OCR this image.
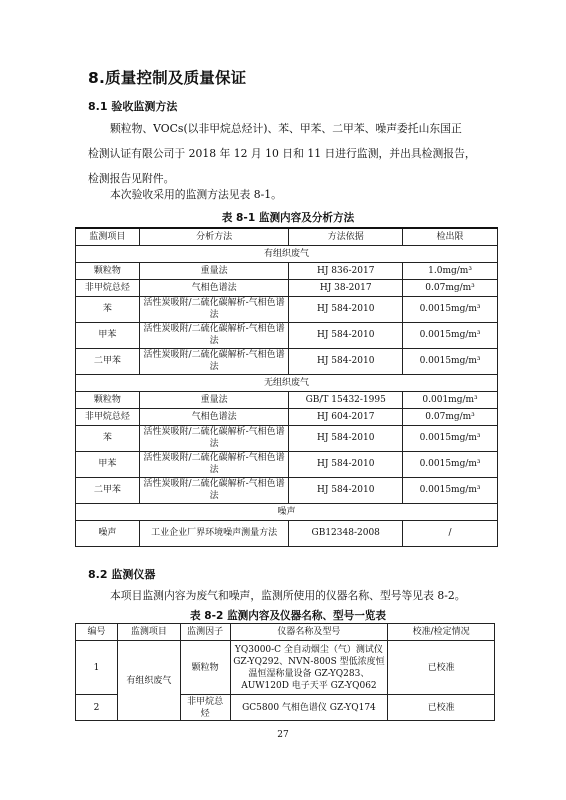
8.质量控制及质量保证
8.1 验收监测方法

颗粒物、VOCs(以非甲烷总烃计)、苯、甲苯、二甲苯、噪声委托山东国正
检测认证有限公司于 2018 年 12 月 10 日和 11 日进行监测，并出具检测报告，
检测报告见附件。

本次验收采用的监测方法见表 8-1。

表 8-1 监测内容及分析方法
监测项目	分析方法	方法依据	检出限
有组织废气			
颗粒物	重量法	HJ 836-2017	1.0mg/m³
非甲烷总烃	气相色谱法	HJ 38-2017	0.07mg/m³
苯	活性炭吸附/二硫化碳解析-气相色谱法	HJ 584-2010	0.0015mg/m³
甲苯	活性炭吸附/二硫化碳解析-气相色谱法	HJ 584-2010	0.0015mg/m³
二甲苯	活性炭吸附/二硫化碳解析-气相色谱法	HJ 584-2010	0.0015mg/m³
无组织废气			
颗粒物	重量法	GB/T 15432-1995	0.001mg/m³
非甲烷总烃	气相色谱法	HJ 604-2017	0.07mg/m³
苯	活性炭吸附/二硫化碳解析-气相色谱法	HJ 584-2010	0.0015mg/m³
甲苯	活性炭吸附/二硫化碳解析-气相色谱法	HJ 584-2010	0.0015mg/m³
二甲苯	活性炭吸附/二硫化碳解析-气相色谱法	HJ 584-2010	0.0015mg/m³
噪声			
噪声	工业企业厂界环境噪声测量方法	GB12348-2008	/
8.2 监测仪器

本项目监测内容为废气和噪声，监测所使用的仪器名称、型号等见表 8-2。

表 8-2 监测内容及仪器名称、型号一览表
编号	监测项目	监测因子	仪器名称及型号	校准/检定情况
1	有组织废气	颗粒物	YQ3000-C 全自动烟尘（气）测试仪 GZ-YQ292、NVN-800S 型低浓度恒温恒湿称量设备 GZ-YQ283、AUW120D 电子天平 GZ-YQ062	已校准
2		非甲烷总烃	GC5800 气相色谱仪 GZ-YQ174	已校准
27
